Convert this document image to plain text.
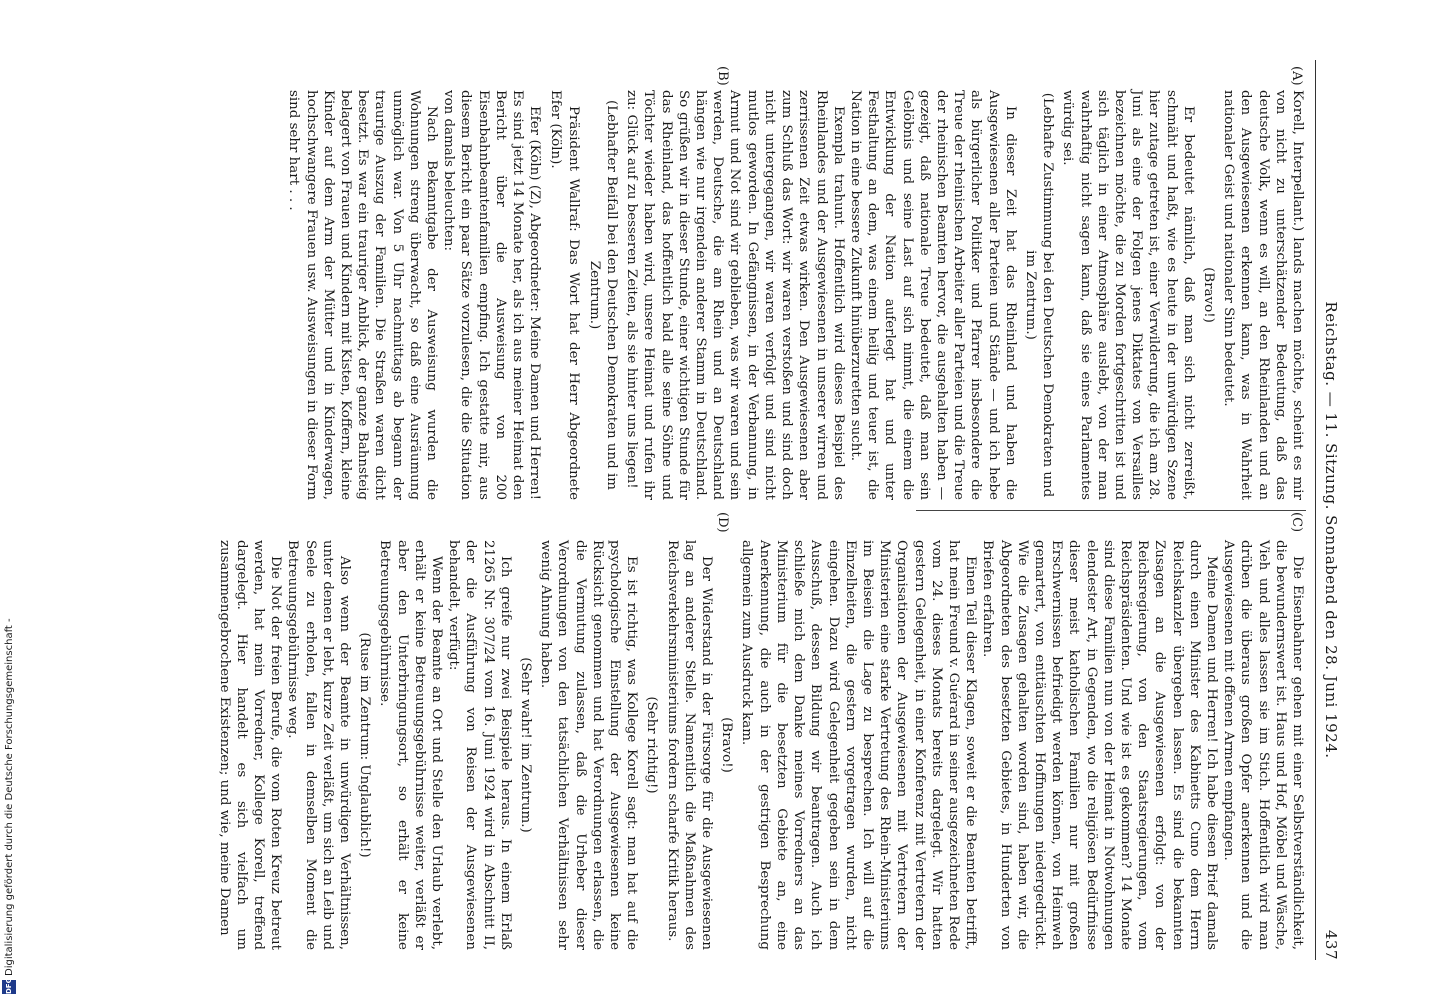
Reichstag. — 11. Sitzung. Sonnabend den 28. Juni 1924.
437
(A)
(B)
(C)
(D)

Korell, Interpellant.) lands machen möchte, scheint es mir von nicht zu unterschätzender Bedeutung, daß das deutsche Volk, wenn es will, an den Rheinlanden und an den Ausgewiesenen erkennen kann, was in Wahrheit nationaler Geist und nationaler Sinn bedeutet.

(Bravo!)

Er bedeutet nämlich, daß man sich nicht zerreißt, schmäht und haßt, wie es heute in der unwürdigen Szene hier zutage getreten ist, einer Verwilderung, die ich am 28. Juni als eine der Folgen jenes Diktates von Versailles bezeichnen möchte, die zu Morden fortgeschritten ist und sich täglich in einer Atmosphäre auslebt, von der man wahrhaftig nicht sagen kann, daß sie eines Parlamentes würdig sei.

(Lebhafte Zustimmung bei den Deutschen Demokraten und im Zentrum.)

In dieser Zeit hat das Rheinland und haben die Ausgewiesenen aller Parteien und Stände — und ich hebe als bürgerlicher Politiker und Pfarrer insbesondere die Treue der rheinischen Arbeiter aller Parteien und die Treue der rheinischen Beamten hervor, die ausgehalten haben — gezeigt, daß nationale Treue bedeutet, daß man sein Gelöbnis und seine Last auf sich nimmt, die einem die Entwicklung der Nation auferlegt hat und unter Festhaltung an dem, was einem heilig und teuer ist, die Nation in eine bessere Zukunft hinüberzuretten sucht.

Exempla trahunt. Hoffentlich wird dieses Beispiel des Rheinlandes und der Ausgewiesenen in unserer wirren und zerrissenen Zeit etwas wirken. Den Ausgewiesenen aber zum Schluß das Wort: wir waren verstoßen und sind doch nicht untergegangen, wir waren verfolgt und sind nicht mutlos geworden. In Gefängnissen, in der Verbannung, in Armut und Not sind wir geblieben, was wir waren und sein werden, Deutsche, die am Rhein und an Deutschland hängen wie nur irgendein anderer Stamm in Deutschland. So grüßen wir in dieser Stunde, einer wichtigen Stunde für das Rheinland, das hoffentlich bald alle seine Söhne und Töchter wieder haben wird, unsere Heimat und rufen ihr zu: Glück auf zu besseren Zeiten, als sie hinter uns liegen!

(Lebhafter Beifall bei den Deutschen Demokraten und im Zentrum.)

Präsident Wallraf: Das Wort hat der Herr Abgeordnete Efer (Köln).

Efer (Köln) (Z), Abgeordneter: Meine Damen und Herren! Es sind jetzt 14 Monate her, als ich aus meiner Heimat den Bericht über die Ausweisung von 200 Eisenbahnbeamtenfamilien empfing. Ich gestatte mir, aus diesem Bericht ein paar Sätze vorzulesen, die die Situation von damals beleuchten:

Nach Bekanntgabe der Ausweisung wurden die Wohnungen streng überwacht, so daß eine Ausräumung unmöglich war. Von 5 Uhr nachmittags ab begann der traurige Auszug der Familien. Die Straßen waren dicht besetzt. Es war ein trauriger Anblick, der ganze Bahnsteig belagert von Frauen und Kindern mit Kisten, Koffern, kleine Kinder auf dem Arm der Mütter und in Kinderwagen, hochschwangere Frauen usw. Ausweisungen in dieser Form sind sehr hart . . .

Die Eisenbahner gehen mit einer Selbstverständlichkeit, die bewundernswert ist. Haus und Hof, Möbel und Wäsche, Vieh und alles lassen sie im Stich. Hoffentlich wird man drüben die überaus großen Opfer anerkennen und die Ausgewiesenen mit offenen Armen empfangen.

Meine Damen und Herren! Ich habe diesen Brief damals durch einen Minister des Kabinetts Cuno dem Herrn Reichskanzler übergeben lassen. Es sind die bekannten Zusagen an die Ausgewiesenen erfolgt: von der Reichsregierung, von den Staatsregierungen, vom Reichspräsidenten. Und wie ist es gekommen? 14 Monate sind diese Familien nun von der Heimat in Notwohnungen elendester Art, in Gegenden, wo die religiösen Bedürfnisse dieser meist katholischen Familien nur mit großen Erschwernissen befriedigt werden können, von Heimweh gemartert, von enttäuschten Hoffnungen niedergedrückt. Wie die Zusagen gehalten worden sind, haben wir, die Abgeordneten des besetzten Gebietes, in Hunderten von Briefen erfahren.

Einen Teil dieser Klagen, soweit er die Beamten betrifft, hat mein Freund v. Guérard in seiner ausgezeichneten Rede vom 24. dieses Monats bereits dargelegt. Wir hatten gestern Gelegenheit, in einer Konferenz mit Vertretern der Organisationen der Ausgewiesenen mit Vertretern der Ministerien eine starke Vertretung des Rhein-Ministeriums im Beisein die Lage zu besprechen. Ich will auf die Einzelheiten, die gestern vorgetragen wurden, nicht eingehen. Dazu wird Gelegenheit gegeben sein in dem Ausschuß, dessen Bildung wir beantragen. Auch ich schließe mich dem Danke meines Vorredners an das Ministerium für die besetzten Gebiete an, eine Anerkennung, die auch in der gestrigen Besprechung allgemein zum Ausdruck kam.

(Bravo!)

Der Widerstand in der Fürsorge für die Ausgewiesenen lag an anderer Stelle. Namentlich die Maßnahmen des Reichsverkehrsministeriums fordern scharfe Kritik heraus.

(Sehr richtig!)

Es ist richtig, was Kollege Korell sagt: man hat auf die psychologische Einstellung der Ausgewiesenen keine Rücksicht genommen und hat Verordnungen erlassen, die die Vermutung zulassen, daß die Urheber dieser Verordnungen von den tatsächlichen Verhältnissen sehr wenig Ahnung haben.

(Sehr wahr! im Zentrum.)

Ich greife nur zwei Beispiele heraus. In einem Erlaß 21265 Nr. 307/24 vom 16. Juni 1924 wird in Abschnitt II, der die Ausführung von Reisen der Ausgewiesenen behandelt, verfügt:

Wenn der Beamte an Ort und Stelle den Urlaub verlebt, erhält er keine Betreuungsgebührnisse weiter, verläßt er aber den Unterbringungsort, so erhält er keine Betreuungsgebührnisse.

(Ruse im Zentrum: Unglaublich!)

Also wenn der Beamte in unwürdigen Verhältnissen, unter denen er lebt, kurze Zeit verläßt, um sich an Leib und Seele zu erholen, fallen in demselben Moment die Betreuungsgebührnisse weg.

Die Not der freien Berufe, die vom Roten Kreuz betreut werden, hat mein Vorredner, Kollege Korell, treffend dargelegt. Hier handelt es sich vielfach um zusammengebrochene Existenzen; und wie, meine Damen

DFG
Digitalisierung gefördert durch die Deutsche Forschungsgemeinschaft -
